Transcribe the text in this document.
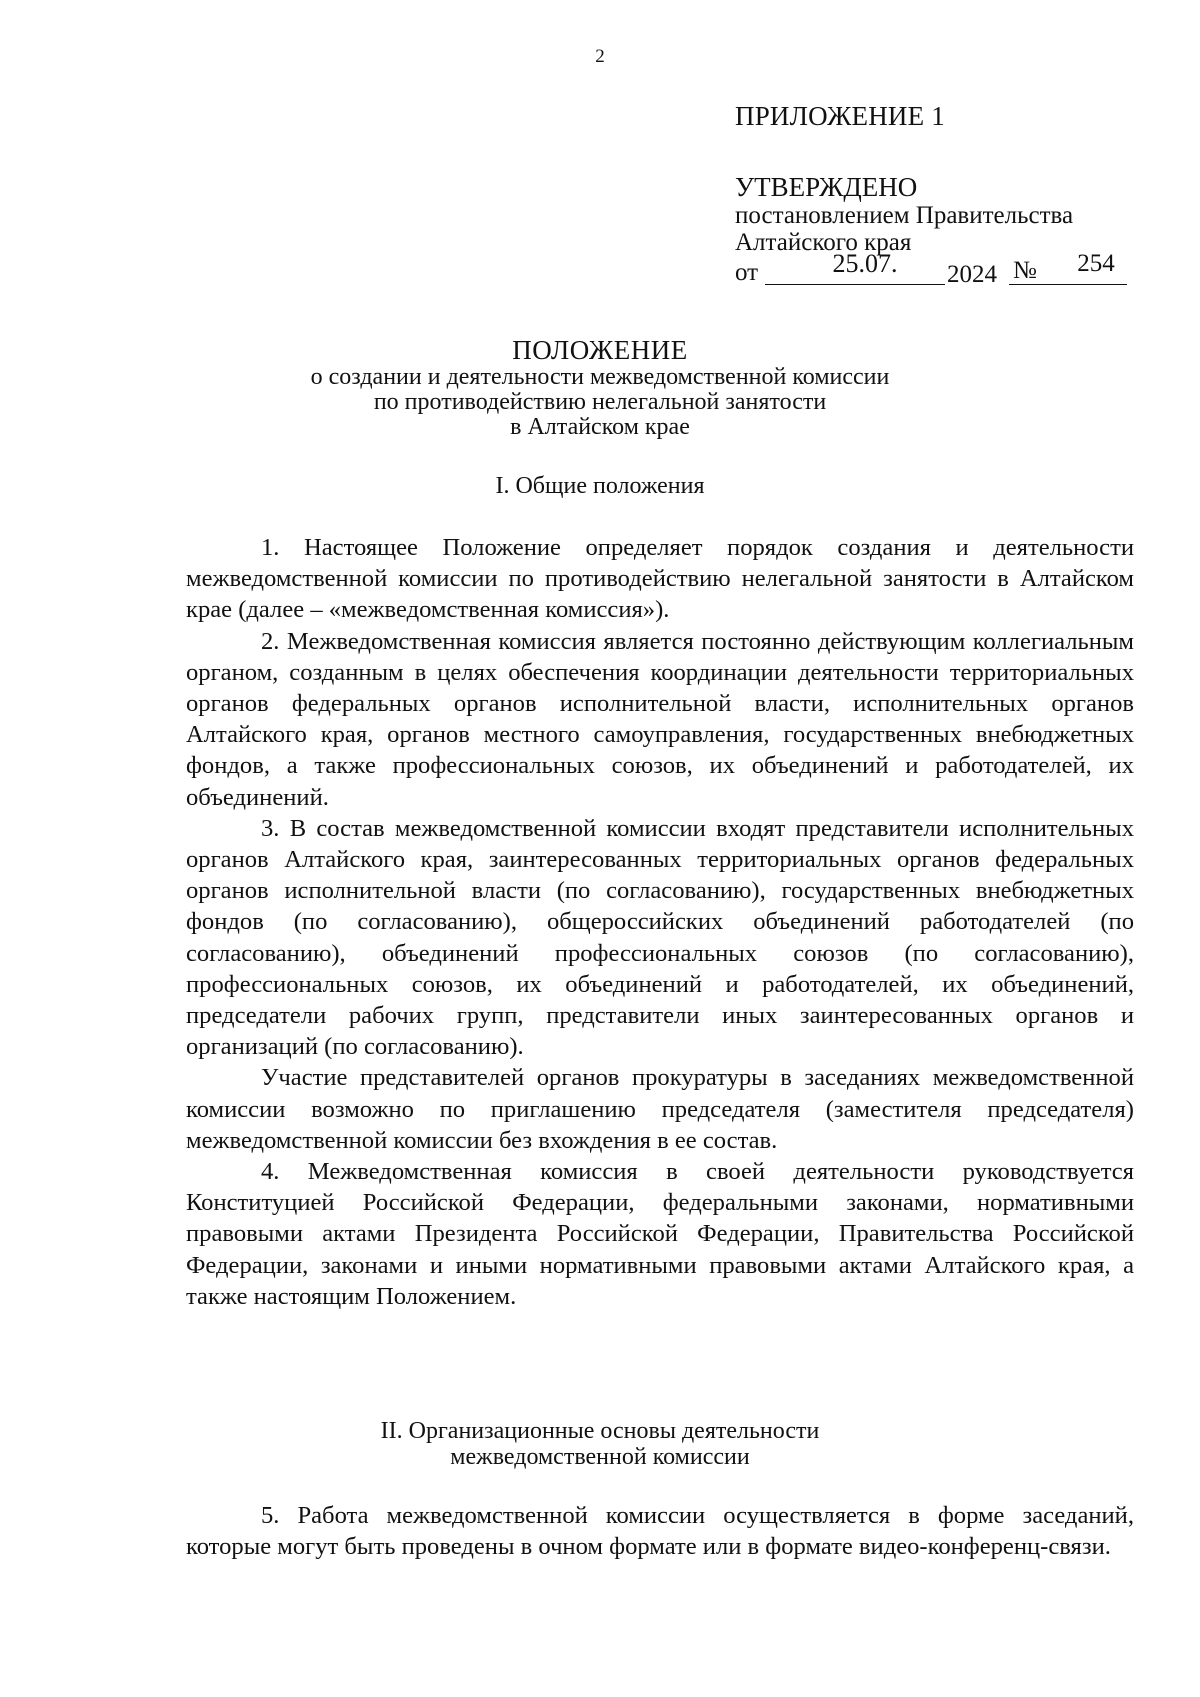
2
ПРИЛОЖЕНИЕ 1
УТВЕРЖДЕНО
постановлением Правительства
Алтайского края
от	25.07.	2024	254
№
ПОЛОЖЕНИЕ
о создании и деятельности межведомственной комиссии
по противодействию нелегальной занятости
в Алтайском крае
I. Общие положения

1. Настоящее Положение определяет порядок создания и деятельности межведомственной комиссии по противодействию нелегальной занятости в Алтайском крае (далее – «межведомственная комиссия»).

2. Межведомственная комиссия является постоянно действующим коллегиальным органом, созданным в целях обеспечения координации деятельности территориальных органов федеральных органов исполнительной власти, исполнительных органов Алтайского края, органов местного самоуправления, государственных внебюджетных фондов, а также профессиональных союзов, их объединений и работодателей, их объединений.

3. В состав межведомственной комиссии входят представители исполнительных органов Алтайского края, заинтересованных территориальных органов федеральных органов исполнительной власти (по согласованию), государственных внебюджетных фондов (по согласованию), общероссийских объединений работодателей (по согласованию), объединений профессиональных союзов (по согласованию), профессиональных союзов, их объединений и работодателей, их объединений, председатели рабочих групп, представители иных заинтересованных органов и организаций (по согласованию).

Участие представителей органов прокуратуры в заседаниях межведомственной комиссии возможно по приглашению председателя (заместителя председателя) межведомственной комиссии без вхождения в ее состав.

4. Межведомственная комиссия в своей деятельности руководствуется Конституцией Российской Федерации, федеральными законами, нормативными правовыми актами Президента Российской Федерации, Правительства Российской Федерации, законами и иными нормативными правовыми актами Алтайского края, а также настоящим Положением.

II. Организационные основы деятельности
межведомственной комиссии

5. Работа межведомственной комиссии осуществляется в форме заседаний, которые могут быть проведены в очном формате или в формате видео-конференц-связи.
